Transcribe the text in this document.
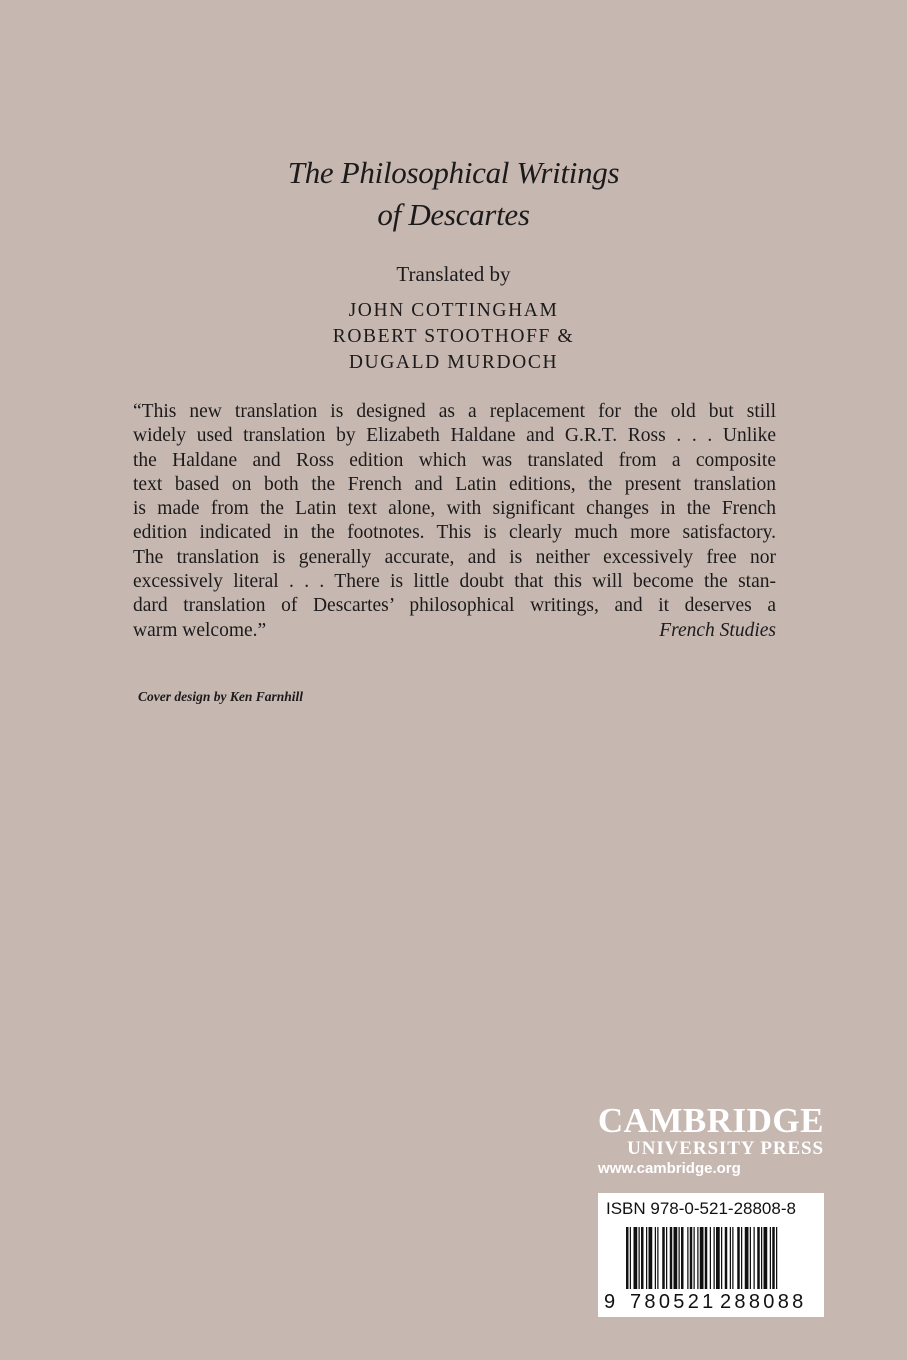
The Philosophical Writings
of Descartes
Translated by
JOHN COTTINGHAM
ROBERT STOOTHOFF &
DUGALD MURDOCH

“This new translation is designed as a replacement for the old but still

widely used translation by Elizabeth Haldane and G.R.T. Ross . . . Unlike

the Haldane and Ross edition which was translated from a composite

text based on both the French and Latin editions, the present translation

is made from the Latin text alone, with significant changes in the French

edition indicated in the footnotes. This is clearly much more satisfactory.

The translation is generally accurate, and is neither excessively free nor

excessively literal . . . There is little doubt that this will become the stan-

dard translation of Descartes’ philosophical writings, and it deserves a

warm welcome.”	French Studies
Cover design by Ken Farnhill
CAMBRIDGE
UNIVERSITY PRESS
www.cambridge.org
ISBN 978-0-521-28808-8
9 780521 288088
